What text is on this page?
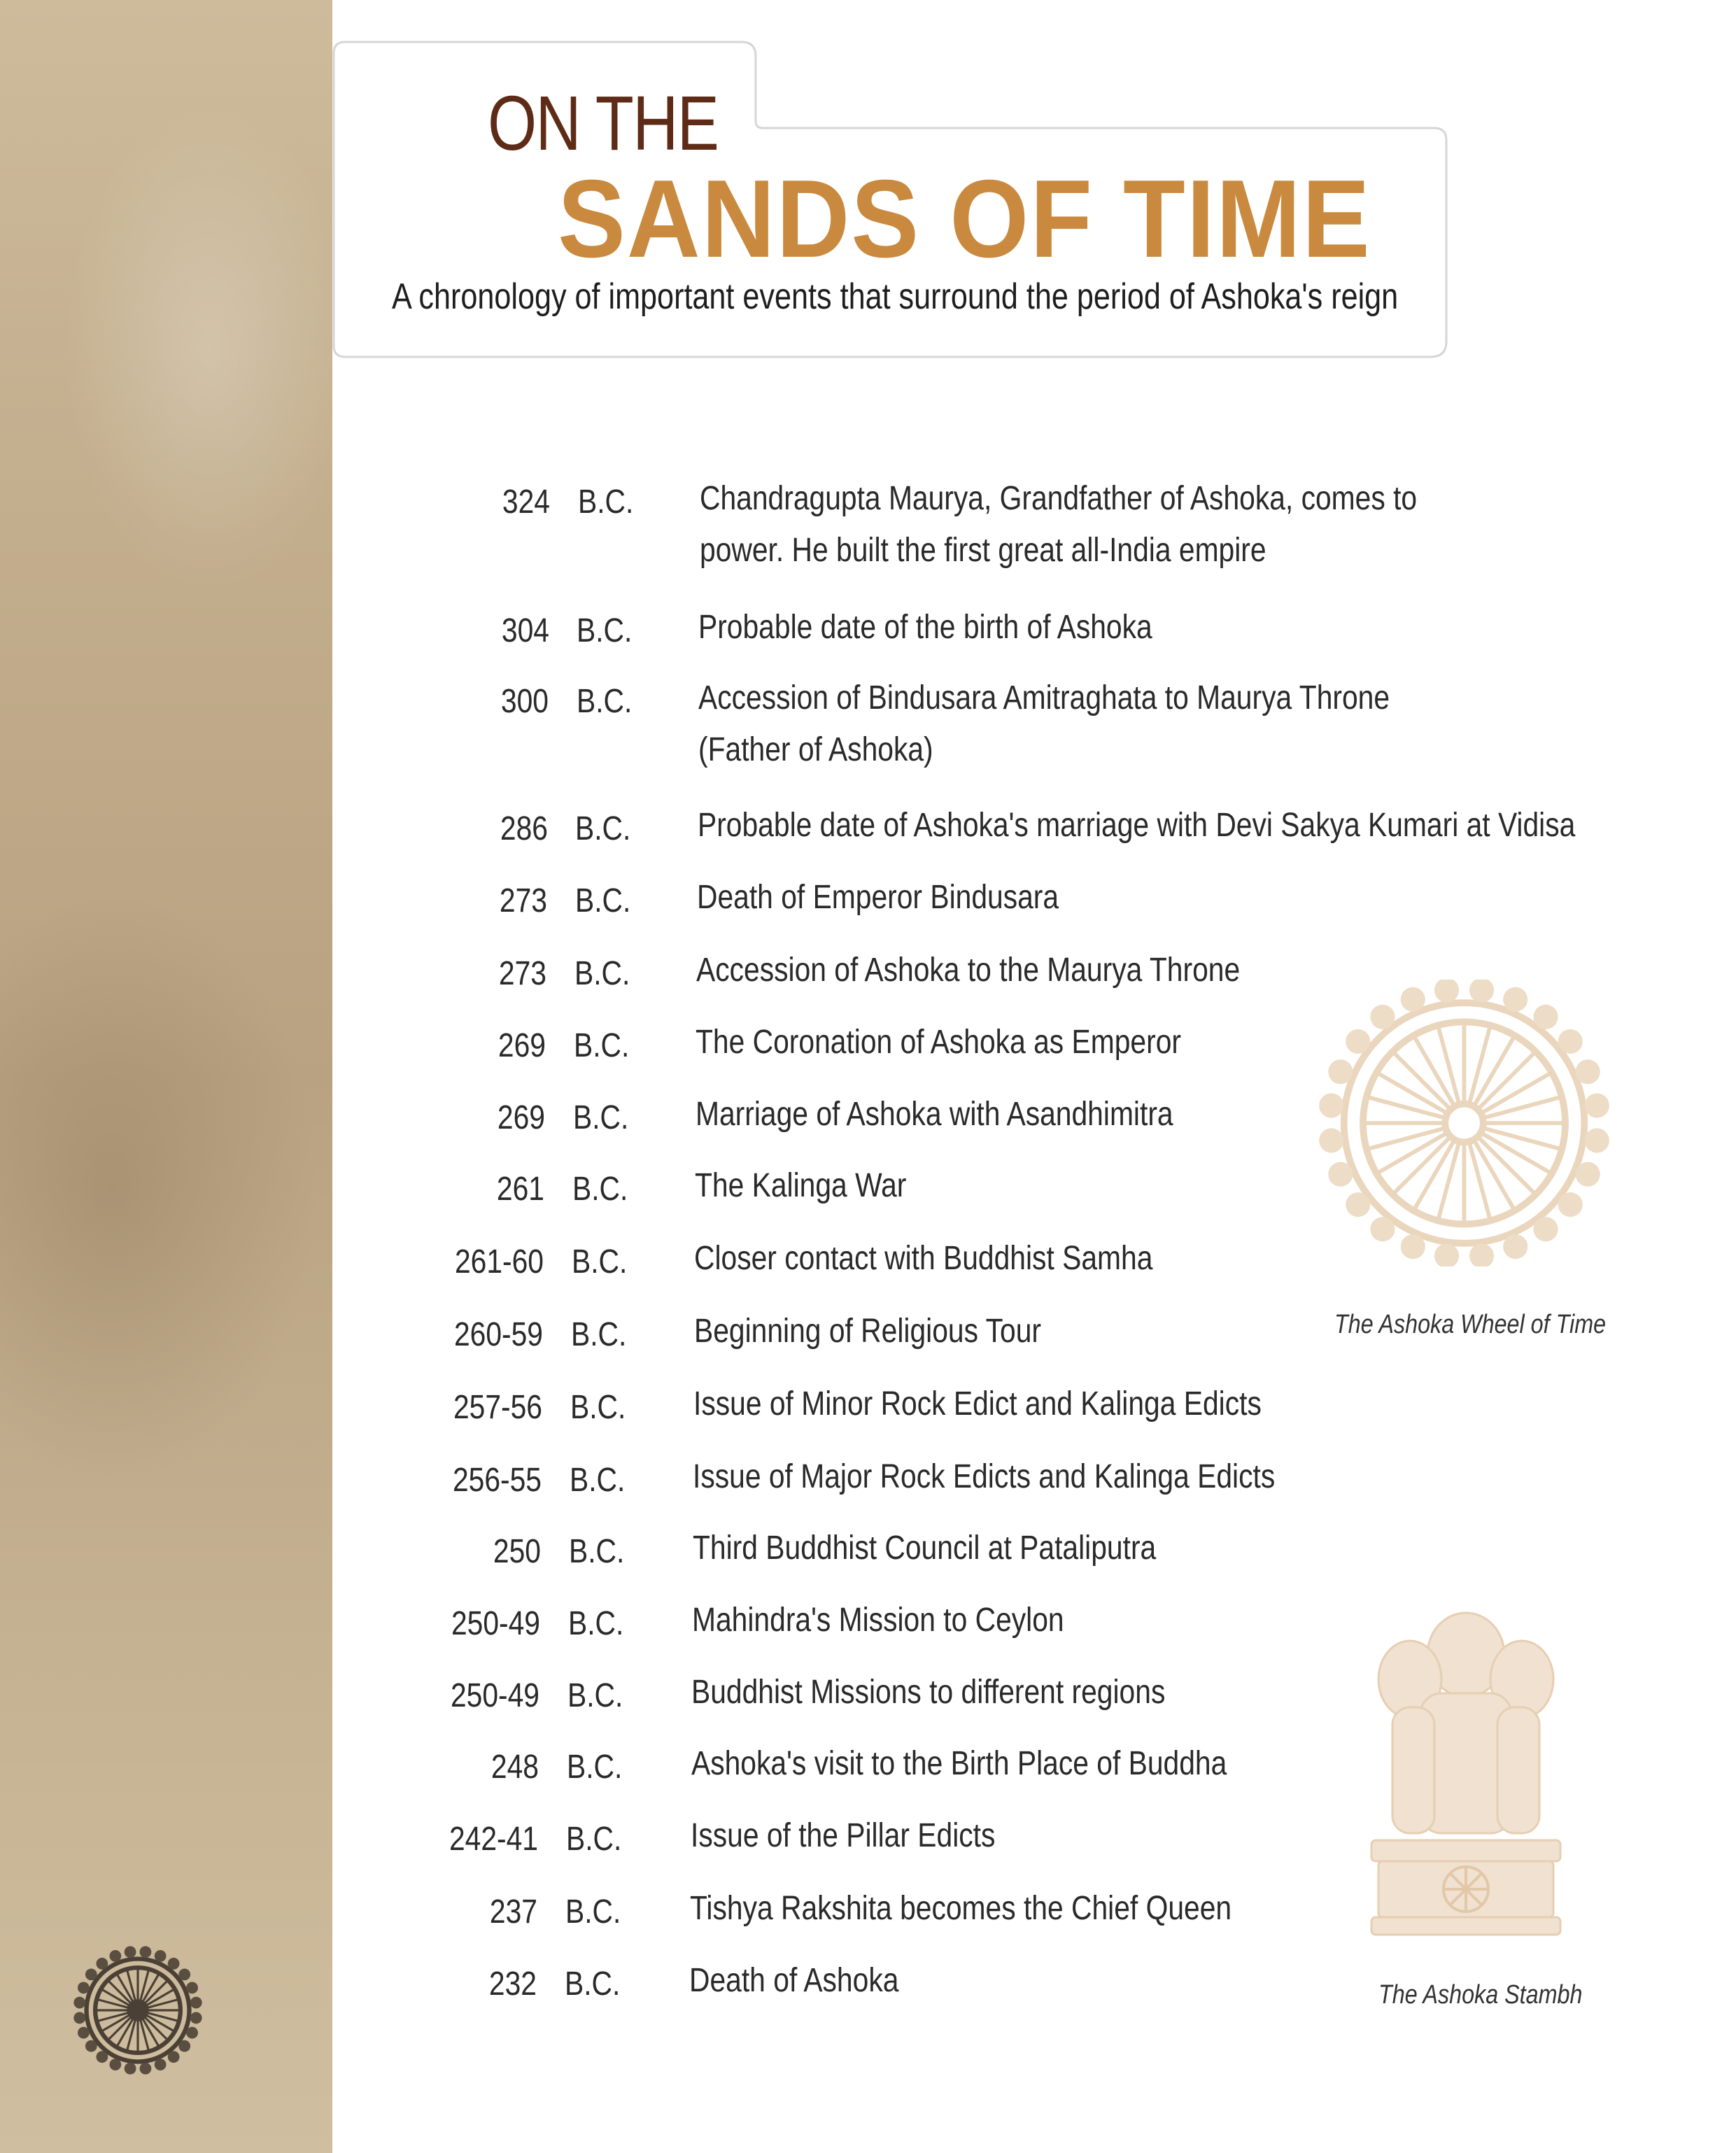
ON THE
SANDS OF TIME
A chronology of important events that surround the period of Ashoka's reign
324 B.C. Chandragupta Maurya, Grandfather of Ashoka, comes to power. He built the first great all-India empire
304 B.C. Probable date of the birth of Ashoka
300 B.C. Accession of Bindusara Amitraghata to Maurya Throne (Father of Ashoka)
286 B.C. Probable date of Ashoka's marriage with Devi Sakya Kumari at Vidisa
273 B.C. Death of Emperor Bindusara
273 B.C. Accession of Ashoka to the Maurya Throne
269 B.C. The Coronation of Ashoka as Emperor
269 B.C. Marriage of Ashoka with Asandhimitra
261 B.C. The Kalinga War
261-60 B.C. Closer contact with Buddhist Samha
260-59 B.C. Beginning of Religious Tour
257-56 B.C. Issue of Minor Rock Edict and Kalinga Edicts
256-55 B.C. Issue of Major Rock Edicts and Kalinga Edicts
250 B.C. Third Buddhist Council at Pataliputra
250-49 B.C. Mahindra's Mission to Ceylon
250-49 B.C. Buddhist Missions to different regions
248 B.C. Ashoka's visit to the Birth Place of Buddha
242-41 B.C. Issue of the Pillar Edicts
237 B.C. Tishya Rakshita becomes the Chief Queen
232 B.C. Death of Ashoka
The Ashoka Wheel of Time
The Ashoka Stambh
